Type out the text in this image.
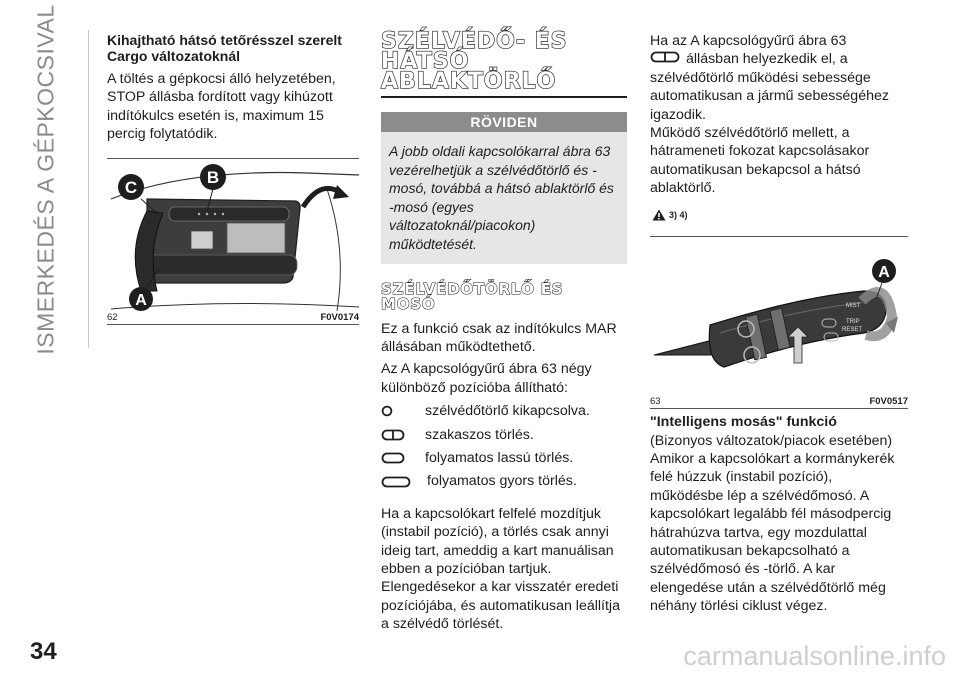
ISMERKEDÉS A GÉPKOCSIVAL
34	carmanualsonline.info
Kihajtható hátsó tetőrésszel szerelt Cargo változatoknál

A töltés a gépkocsi álló helyzetében, STOP állásba fordított vagy kihúzott indítókulcs esetén is, maximum 15 percig folytatódik.

C
B
A
62	F0V0174
SZÉLVÉDŐ- ÉS
HÁTSÓ
ABLAKTÖRLŐ
RÖVIDEN
A jobb oldali kapcsolókarral ábra 63 vezérelhetjük a szélvédőtörlő és -mosó, továbbá a hátsó ablaktörlő és -mosó (egyes változatoknál/piacokon) működtetését.
SZÉLVÉDŐTÖRLŐ ÉS
MOSÓ

Ez a funkció csak az indítókulcs MAR állásában működtethető.

Az A kapcsológyűrű ábra 63 négy különböző pozícióba állítható:

szélvédőtörlő kikapcsolva.
szakaszos törlés.
folyamatos lassú törlés.
folyamatos gyors törlés.

Ha a kapcsolókart felfelé mozdítjuk (instabil pozíció), a törlés csak annyi ideig tart, ameddig a kart manuálisan ebben a pozícióban tartjuk. Elengedésekor a kar visszatér eredeti pozíciójába, és automatikusan leállítja a szélvédő törlését.

Ha az A kapcsológyűrű ábra 63
állásban helyezkedik el, a szélvédőtörlő működési sebessége automatikusan a jármű sebességéhez igazodik.

Működő szélvédőtörlő mellett, a hátrameneti fokozat kapcsolásakor automatikusan bekapcsol a hátsó ablaktörlő.

3) 4)
MIST
TRIP
RESET
A
63	F0V0517
"Intelligens mosás" funkció

(Bizonyos változatok/piacok esetében) Amikor a kapcsolókart a kormánykerék felé húzzuk (instabil pozíció), működésbe lép a szélvédőmosó. A kapcsolókart legalább fél másodpercig hátrahúzva tartva, egy mozdulattal automatikusan bekapcsolható a szélvédőmosó és -törlő. A kar elengedése után a szélvédőtörlő még néhány törlési ciklust végez.
